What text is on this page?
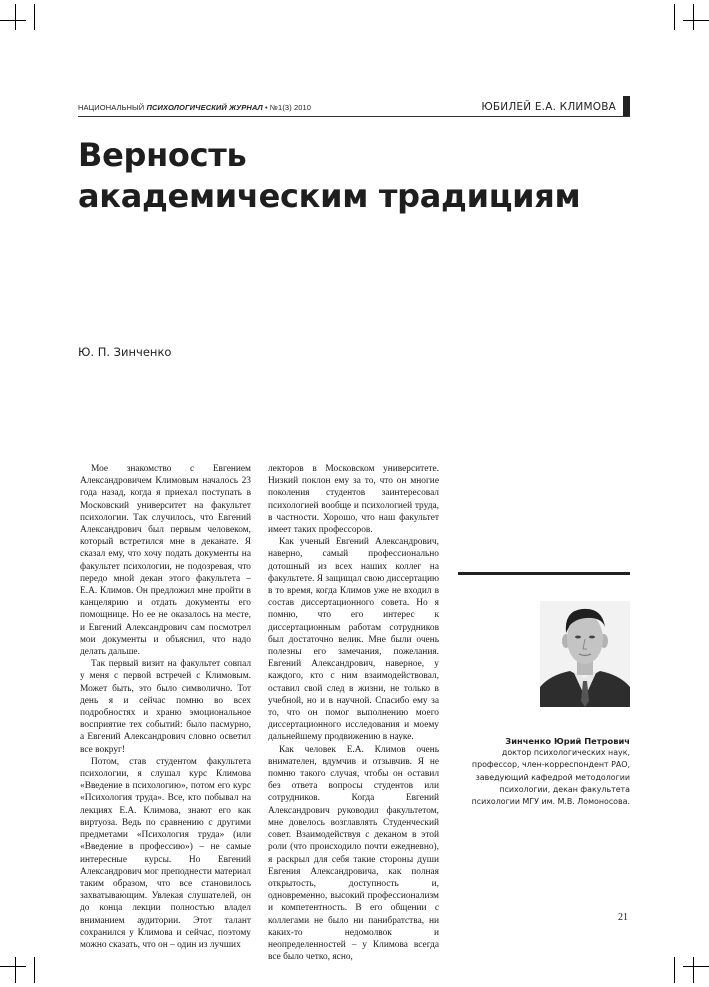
НАЦИОНАЛЬНЫЙ ПСИХОЛОГИЧЕСКИЙ ЖУРНАЛ • №1(3) 2010	ЮБИЛЕЙ Е.А. КЛИМОВА
Верность
академическим традициям
Ю. П. Зинченко

Мое знакомство с Евгением Александровичем Климовым началось 23 года назад, когда я приехал поступать в Московский университет на факультет психологии. Так случилось, что Евгений Александрович был первым человеком, который встретился мне в деканате. Я сказал ему, что хочу подать документы на факультет психологии, не подозревая, что передо мной декан этого факультета – Е.А. Климов. Он предложил мне пройти в канцелярию и отдать документы его помощнице. Но ее не оказалось на месте, и Евгений Александрович сам посмотрел мои документы и объяснил, что надо делать дальше.

Так первый визит на факультет совпал у меня с первой встречей с Климовым. Может быть, это было символично. Тот день я и сейчас помню во всех подробностях и храню эмоциональное восприятие тех событий: было пасмурно, а Евгений Александрович словно осветил все вокруг!

Потом, став студентом факультета психологии, я слушал курс Климова «Введение в психологию», потом его курс «Психология труда». Все, кто побывал на лекциях Е.А. Климова, знают его как виртуоза. Ведь по сравнению с другими предметами «Психология труда» (или «Введение в профессию») – не самые интересные курсы. Но Евгений Александрович мог преподнести материал таким образом, что все становилось захватывающим. Увлекая слушателей, он до конца лекции полностью владел вниманием аудитории. Этот талант сохранился у Климова и сейчас, поэтому можно сказать, что он – один из лучших

лекторов в Московском университете. Низкий поклон ему за то, что он многие поколения студентов заинтересовал психологией вообще и психологией труда, в частности. Хорошо, что наш факультет имеет таких профессоров.

Как ученый Евгений Александрович, наверно, самый профессионально дотошный из всех наших коллег на факультете. Я защищал свою диссертацию в то время, когда Климов уже не входил в состав диссертационного совета. Но я помню, что его интерес к диссертационным работам сотрудников был достаточно велик. Мне были очень полезны его замечания, пожелания. Евгений Александрович, наверное, у каждого, кто с ним взаимодействовал, оставил свой след в жизни, не только в учебной, но и в научной. Спасибо ему за то, что он помог выполнению моего диссертационного исследования и моему дальнейшему продвижению в науке.

Как человек Е.А. Климов очень внимателен, вдумчив и отзывчив. Я не помню такого случая, чтобы он оставил без ответа вопросы студентов или сотрудников. Когда Евгений Александрович руководил факультетом, мне довелось возглавлять Студенческий совет. Взаимодействуя с деканом в этой роли (что происходило почти ежедневно), я раскрыл для себя такие стороны души Евгения Александровича, как полная открытость, доступность и, одновременно, высокий профессионализм и компетентность. В его общении с коллегами не было ни панибратства, ни каких-то недомолвок и неопределенностей – у Климова всегда все было четко, ясно,

Зинченко Юрий Петрович
доктор психологических наук,
профессор, член-корреспондент РАО,
заведующий кафедрой методологии
психологии, декан факультета
психологии МГУ им. М.В. Ломоносова.
21
